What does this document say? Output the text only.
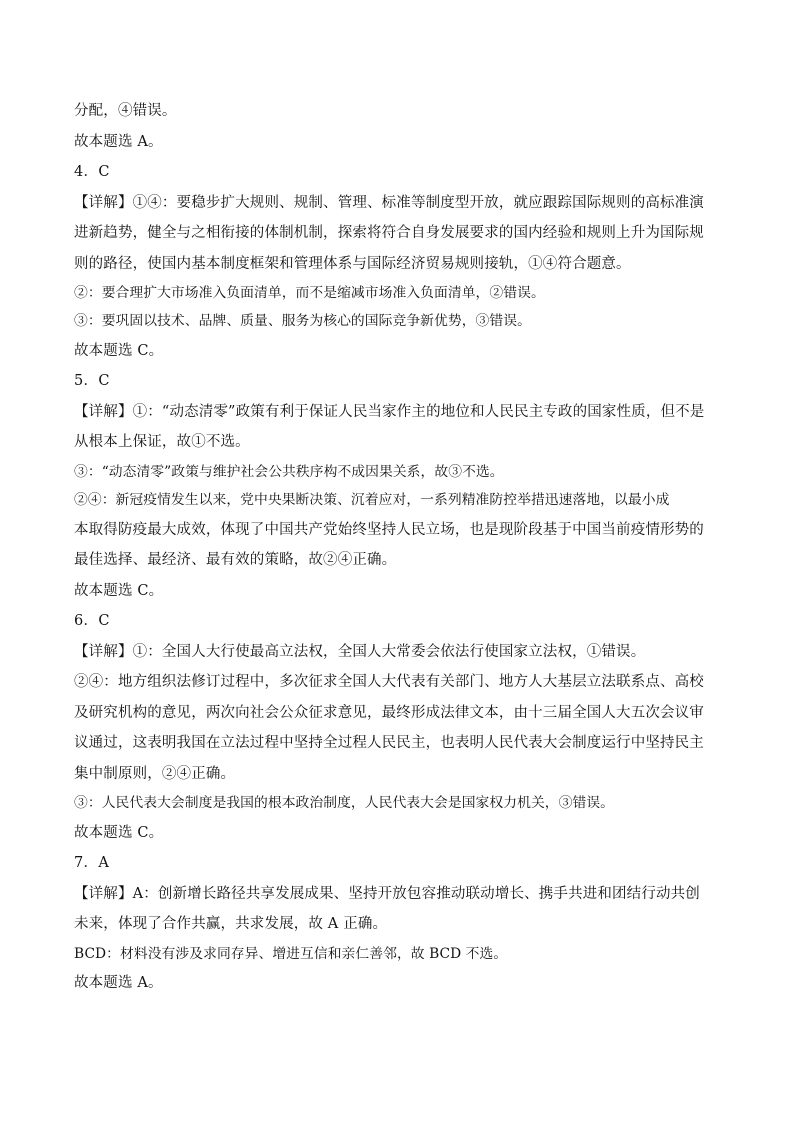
分配，④错误。
故本题选 A。
4．C
【详解】①④：要稳步扩大规则、规制、管理、标准等制度型开放，就应跟踪国际规则的高标准演
进新趋势，健全与之相衔接的体制机制，探索将符合自身发展要求的国内经验和规则上升为国际规
则的路径，使国内基本制度框架和管理体系与国际经济贸易规则接轨，①④符合题意。
②：要合理扩大市场准入负面清单，而不是缩减市场准入负面清单，②错误。
③：要巩固以技术、品牌、质量、服务为核心的国际竞争新优势，③错误。
故本题选 C。
5．C
【详解】①：“动态清零”政策有利于保证人民当家作主的地位和人民民主专政的国家性质，但不是
从根本上保证，故①不选。
③：“动态清零”政策与维护社会公共秩序构不成因果关系，故③不选。
②④：新冠疫情发生以来，党中央果断决策、沉着应对，一系列精准防控举措迅速落地，以最小成
本取得防疫最大成效，体现了中国共产党始终坚持人民立场，也是现阶段基于中国当前疫情形势的
最佳选择、最经济、最有效的策略，故②④正确。
故本题选 C。
6．C
【详解】①：全国人大行使最高立法权，全国人大常委会依法行使国家立法权，①错误。
②④：地方组织法修订过程中，多次征求全国人大代表有关部门、地方人大基层立法联系点、高校
及研究机构的意见，两次向社会公众征求意见，最终形成法律文本，由十三届全国人大五次会议审
议通过，这表明我国在立法过程中坚持全过程人民民主，也表明人民代表大会制度运行中坚持民主
集中制原则，②④正确。
③：人民代表大会制度是我国的根本政治制度，人民代表大会是国家权力机关，③错误。
故本题选 C。
7．A
【详解】A：创新增长路径共享发展成果、坚持开放包容推动联动增长、携手共进和团结行动共创
未来，体现了合作共赢，共求发展，故 A 正确。
BCD：材料没有涉及求同存异、增进互信和亲仁善邻，故 BCD 不选。
故本题选 A。
